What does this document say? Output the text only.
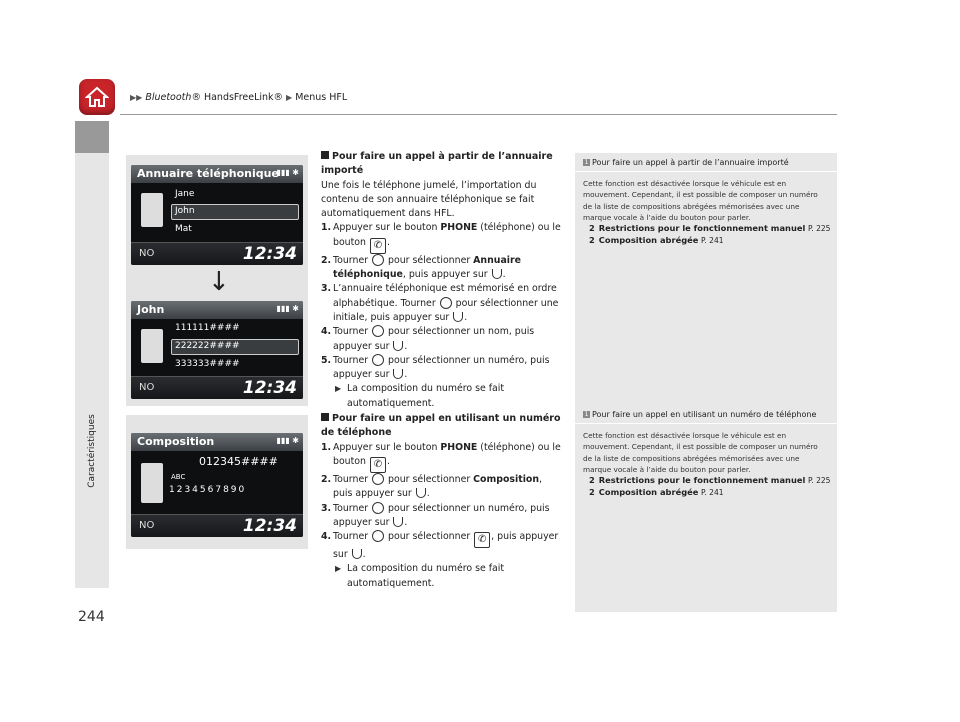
▶▶ Bluetooth® HandsFreeLink® ▶ Menus HFL
Caractéristiques
244
Annuaire téléphonique
▮▮▮ ✱
Jane
John
Mat
NO	12:34
John	▮▮▮ ✱
111111####
222222####
333333####
NO	12:34
↓
Composition	▮▮▮ ✱
012345####
ABC
1234567890
NO	12:34

Pour faire un appel à partir de l’annuaire importé

Une fois le téléphone jumelé, l’importation du contenu de son annuaire téléphonique se fait automatiquement dans HFL.

1. Appuyer sur le bouton PHONE (téléphone) ou le bouton ✆ .
2. Tourner  pour sélectionner Annuaire téléphonique, puis appuyer sur .
3. L’annuaire téléphonique est mémorisé en ordre alphabétique. Tourner  pour sélectionner une initiale, puis appuyer sur .
4. Tourner  pour sélectionner un nom, puis appuyer sur .
5. Tourner  pour sélectionner un numéro, puis appuyer sur .
▶ La composition du numéro se fait automatiquement.

Pour faire un appel en utilisant un numéro de téléphone

1. Appuyer sur le bouton PHONE (téléphone) ou le bouton ✆ .
2. Tourner  pour sélectionner Composition, puis appuyer sur .
3. Tourner  pour sélectionner un numéro, puis appuyer sur .
4. Tourner  pour sélectionner ✆ , puis appuyer sur .
▶ La composition du numéro se fait automatiquement.
1 Pour faire un appel à partir de l’annuaire importé
Cette fonction est désactivée lorsque le véhicule est en mouvement. Cependant, il est possible de composer un numéro de la liste de compositions abrégées mémorisées avec une marque vocale à l’aide du bouton pour parler.
2 Restrictions pour le fonctionnement manuel P. 225
2 Composition abrégée P. 241
1 Pour faire un appel en utilisant un numéro de téléphone
Cette fonction est désactivée lorsque le véhicule est en mouvement. Cependant, il est possible de composer un numéro de la liste de compositions abrégées mémorisées avec une marque vocale à l’aide du bouton pour parler.
2 Restrictions pour le fonctionnement manuel P. 225
2 Composition abrégée P. 241
